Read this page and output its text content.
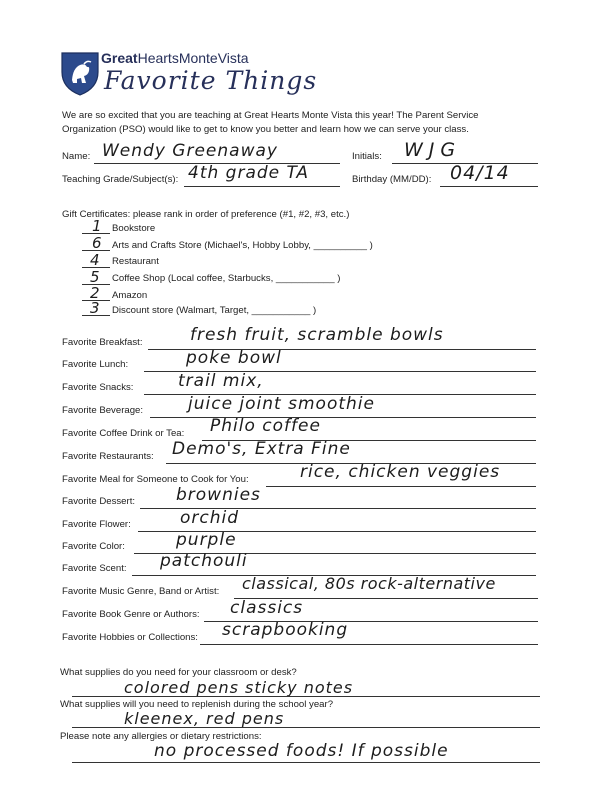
GreatHeartsMonteVista
Favorite Things
We are so excited that you are teaching at Great Hearts Monte Vista this year! The Parent Service
Organization (PSO) would like to get to know you better and learn how we can serve your class.
Name: Wendy Greenaway	Initials: WJG
Teaching Grade/Subject(s): 4th grade TA	Birthday (MM/DD): 04/14
Gift Certificates: please rank in order of preference (#1, #2, #3, etc.)
1 Bookstore
6 Arts and Crafts Store (Michael's, Hobby Lobby, __________ )
4 Restaurant
5 Coffee Shop (Local coffee, Starbucks, ___________ )
2 Amazon
3 Discount store (Walmart, Target, ___________ )
Favorite Breakfast:	fresh fruit, scramble bowls
Favorite Lunch:	poke bowl
Favorite Snacks:	trail mix,
Favorite Beverage:	juice joint smoothie
Favorite Coffee Drink or Tea: Philo coffee
Favorite Restaurants: Demo's, Extra Fine
Favorite Meal for Someone to Cook for You:	rice, chicken veggies
Favorite Dessert: brownies
Favorite Flower:	orchid
Favorite Color:	purple
Favorite Scent: patchouli
Favorite Music Genre, Band or Artist: classical, 80s rock-alternative
Favorite Book Genre or Authors: classics
Favorite Hobbies or Collections: scrapbooking
What supplies do you need for your classroom or desk?
colored pens sticky notes
What supplies will you need to replenish during the school year?
kleenex, red pens
Please note any allergies or dietary restrictions:
no processed foods! If possible
